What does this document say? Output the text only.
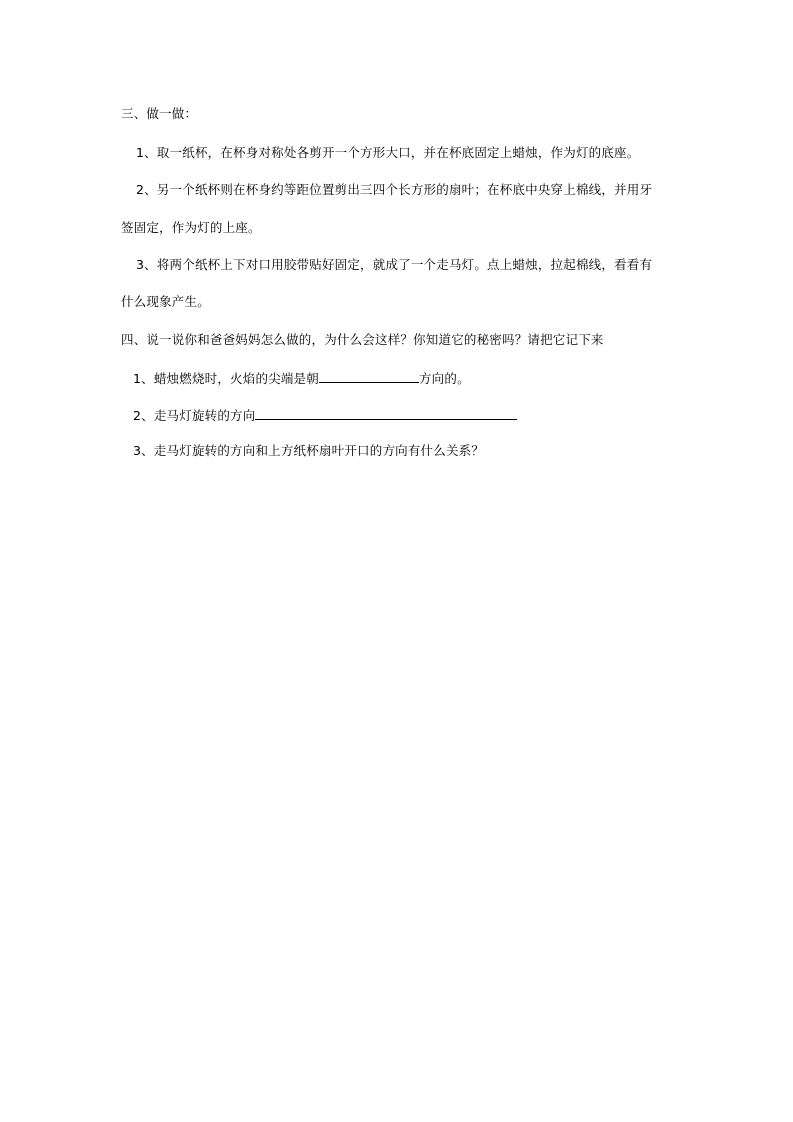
三、做一做：
1、取一纸杯，在杯身对称处各剪开一个方形大口，并在杯底固定上蜡烛，作为灯的底座。
2、另一个纸杯则在杯身约等距位置剪出三四个长方形的扇叶；在杯底中央穿上棉线，并用牙
签固定，作为灯的上座。
3、将两个纸杯上下对口用胶带贴好固定，就成了一个走马灯。点上蜡烛，拉起棉线，看看有
什么现象产生。
四、说一说你和爸爸妈妈怎么做的，为什么会这样？你知道它的秘密吗？请把它记下来
1、蜡烛燃烧时，火焰的尖端是朝	方向的。
2、走马灯旋转的方向
3、走马灯旋转的方向和上方纸杯扇叶开口的方向有什么关系？
